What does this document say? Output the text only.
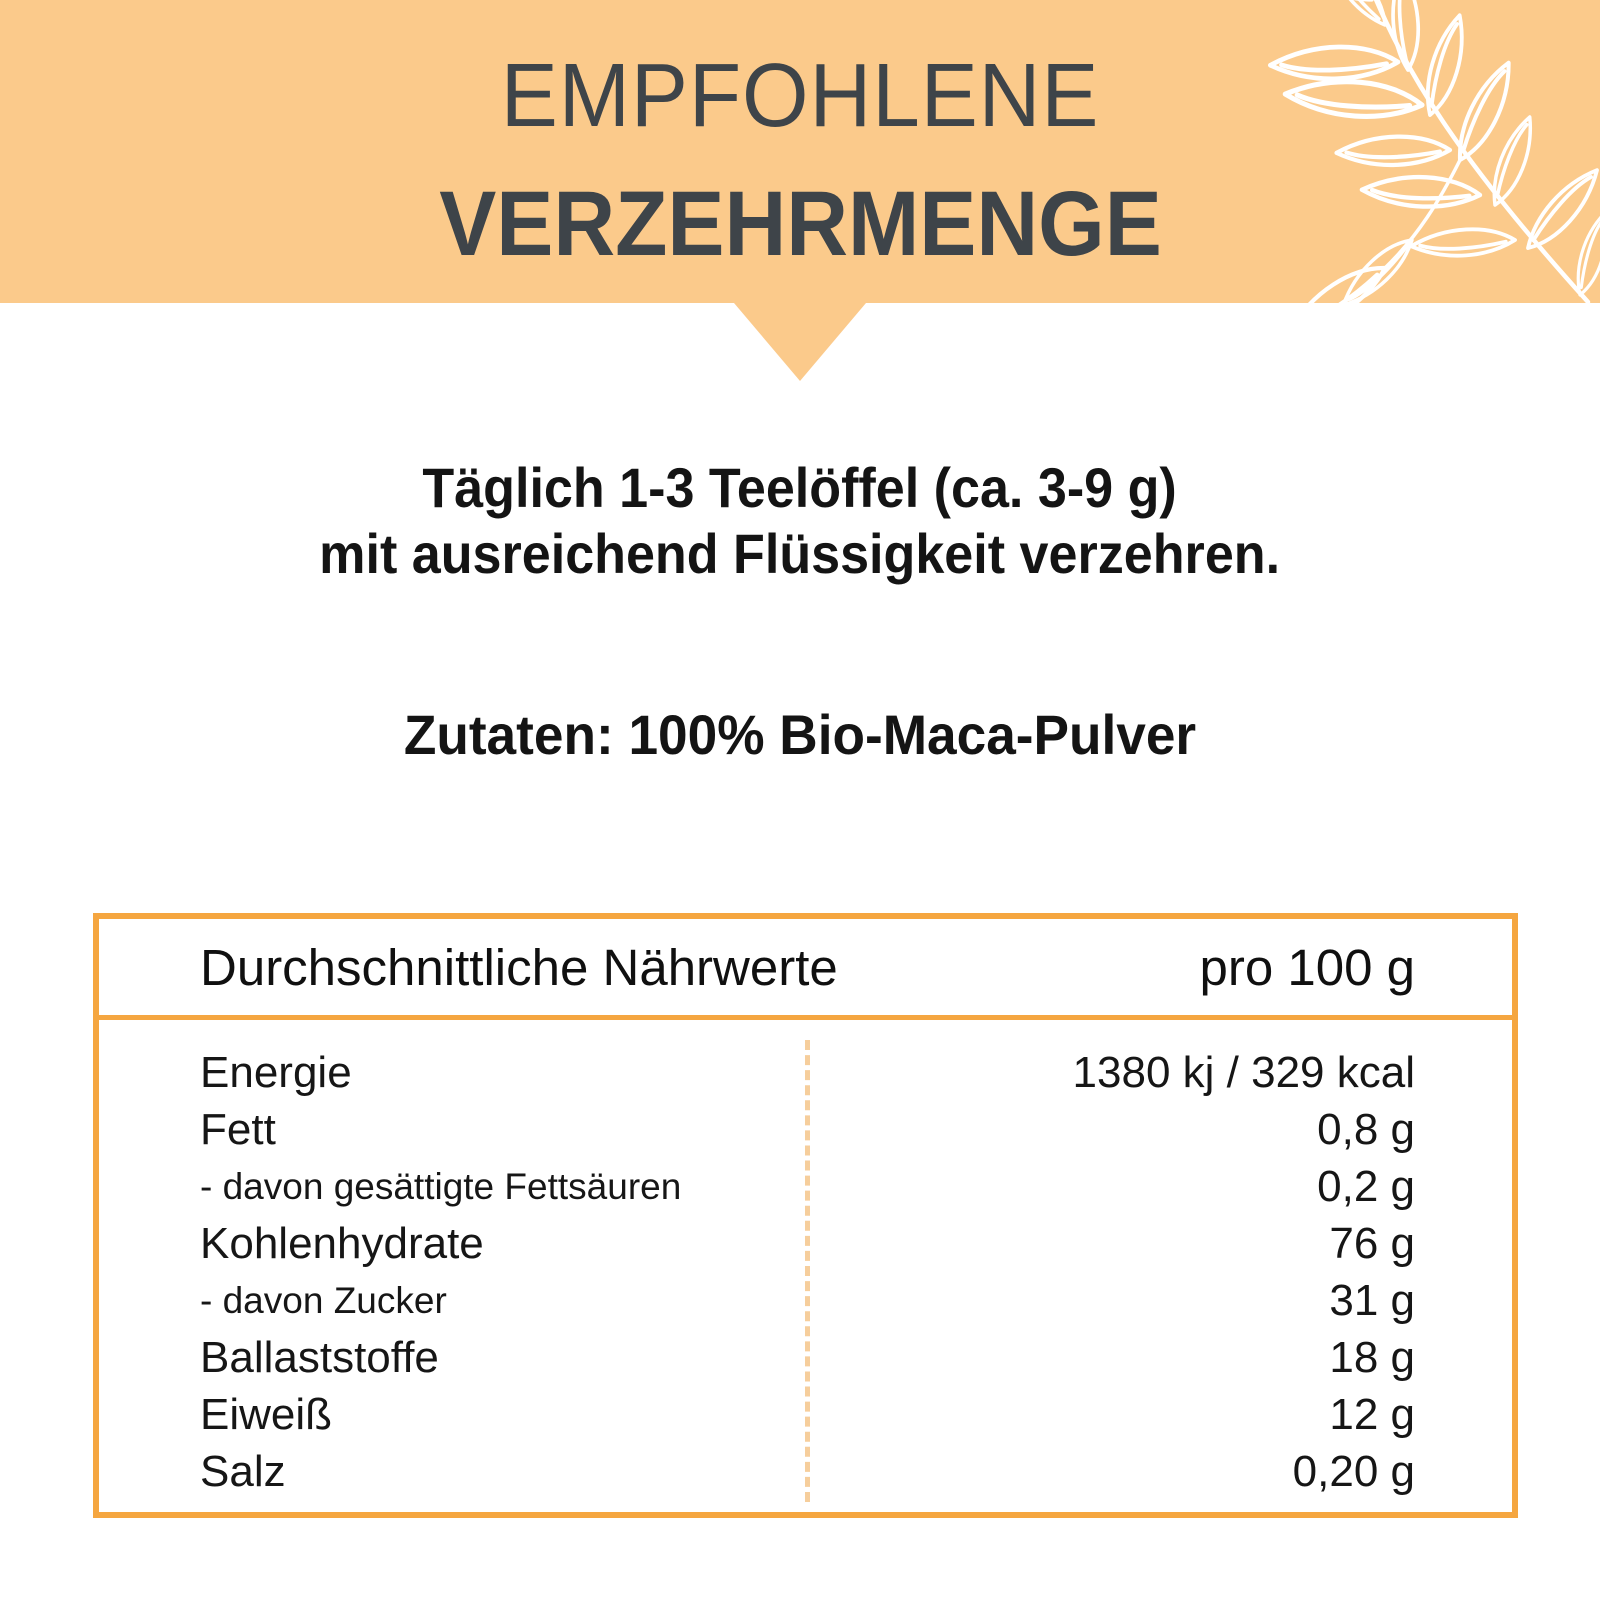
EMPFOHLENE
VERZEHRMENGE

Täglich 1-3 Teelöffel (ca. 3-9 g)

mit ausreichend Flüssigkeit verzehren.

Zutaten: 100% Bio-Maca-Pulver

Durchschnittliche Nährwerte	pro 100 g
Energie	1380 kj / 329 kcal
Fett	0,8 g
- davon gesättigte Fettsäuren	0,2 g
Kohlenhydrate	76 g
- davon Zucker	31 g
Ballaststoffe	18 g
Eiweiß	12 g
Salz	0,20 g
